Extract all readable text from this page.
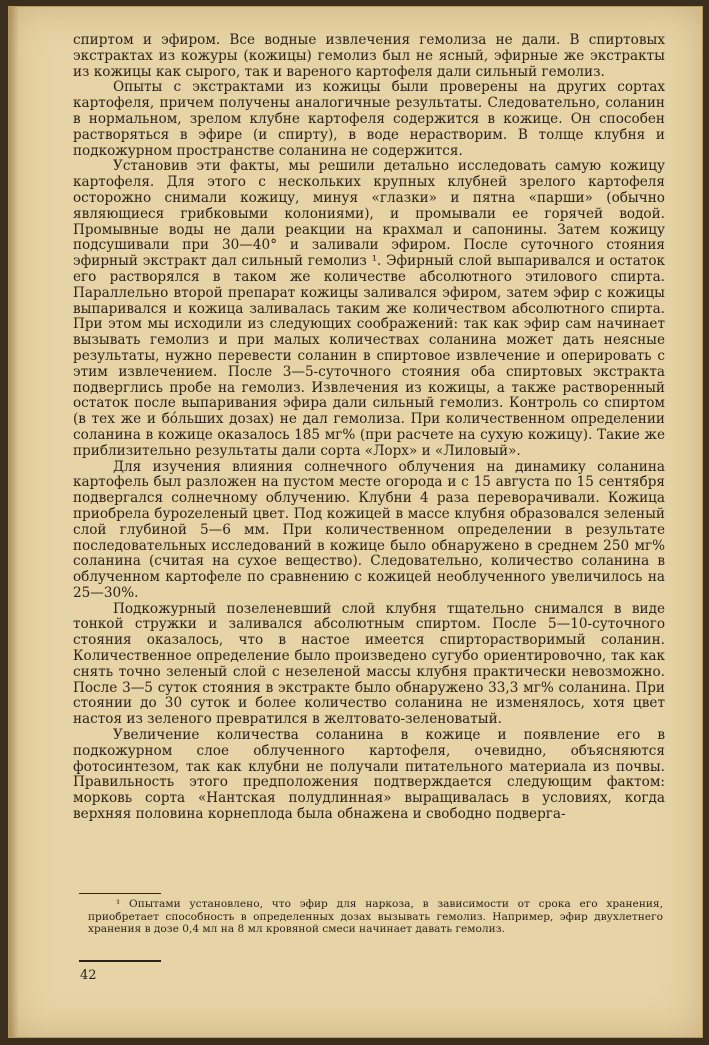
спиртом и эфиром. Все водные извлечения гемолиза не дали. В спиртовых экстрактах из кожуры (кожицы) гемолиз был не ясный, эфирные же экстракты из кожицы как сырого, так и вареного картофеля дали сильный гемолиз.

Опыты с экстрактами из кожицы были проверены на других сортах картофеля, причем получены аналогичные результаты. Следовательно, соланин в нормальном, зрелом клубне картофеля содержится в кожице. Он способен растворяться в эфире (и спирту), в воде нерастворим. В толще клубня и подкожурном пространстве соланина не содержится.

Установив эти факты, мы решили детально исследовать самую кожицу картофеля. Для этого с нескольких крупных клубней зрелого картофеля осторожно снимали кожицу, минуя «глазки» и пятна «парши» (обычно являющиеся грибковыми колониями), и промывали ее горячей водой. Промывные воды не дали реакции на крахмал и сапонины. Затем кожицу подсушивали при 30—40° и заливали эфиром. После суточного стояния эфирный экстракт дал сильный гемолиз ¹. Эфирный слой выпаривался и остаток его растворялся в таком же количестве абсолютного этилового спирта. Параллельно второй препарат кожицы заливался эфиром, затем эфир с кожицы выпаривался и кожица заливалась таким же количеством абсолютного спирта. При этом мы исходили из следующих соображений: так как эфир сам начинает вызывать гемолиз и при малых количествах соланина может дать неясные результаты, нужно перевести соланин в спиртовое извлечение и оперировать с этим извлечением. После 3—5-суточного стояния оба спиртовых экстракта подверглись пробе на гемолиз. Извлечения из кожицы, а также растворенный остаток после выпаривания эфира дали сильный гемолиз. Контроль со спиртом (в тех же и бóльших дозах) не дал гемолиза. При количественном определении соланина в кожице оказалось 185 мг% (при расчете на сухую кожицу). Такие же приблизительно результаты дали сорта «Лорх» и «Лиловый».

Для изучения влияния солнечного облучения на динамику соланина картофель был разложен на пустом месте огорода и с 15 августа по 15 сентября подвергался солнечному облучению. Клубни 4 раза переворачивали. Кожица приобрела буроzеленый цвет. Под кожицей в массе клубня образовался зеленый слой глубиной 5—6 мм. При количественном определении в результате последовательных исследований в кожице было обнаружено в среднем 250 мг% соланина (считая на сухое вещество). Следовательно, количество соланина в облученном картофеле по сравнению с кожицей необлученного увеличилось на 25—30%.

Подкожурный позеленевший слой клубня тщательно снимался в виде тонкой стружки и заливался абсолютным спиртом. После 5—10-суточного стояния оказалось, что в настое имеется спирторастворимый соланин. Количественное определение было произведено сугубо ориентировочно, так как снять точно зеленый слой с незеленой массы клубня практически невозможно. После 3—5 суток стояния в экстракте было обнаружено 33,3 мг% соланина. При стоянии до 30 суток и более количество соланина не изменялось, хотя цвет настоя из зеленого превратился в желтовато-зеленоватый.

Увеличение количества соланина в кожице и появление его в подкожурном слое облученного картофеля, очевидно, объясняются фотосинтезом, так как клубни не получали питательного материала из почвы. Правильность этого предположения подтверждается следующим фактом: морковь сорта «Нантская полудлинная» выращивалась в условиях, когда верхняя половина корнеплода была обнажена и свободно подверга-

¹ Опытами установлено, что эфир для наркоза, в зависимости от срока его хранения, приобретает способность в определенных дозах вызывать гемолиз. Например, эфир двухлетнего хранения в дозе 0,4 мл на 8 мл кровяной смеси начинает давать гемолиз.

42
